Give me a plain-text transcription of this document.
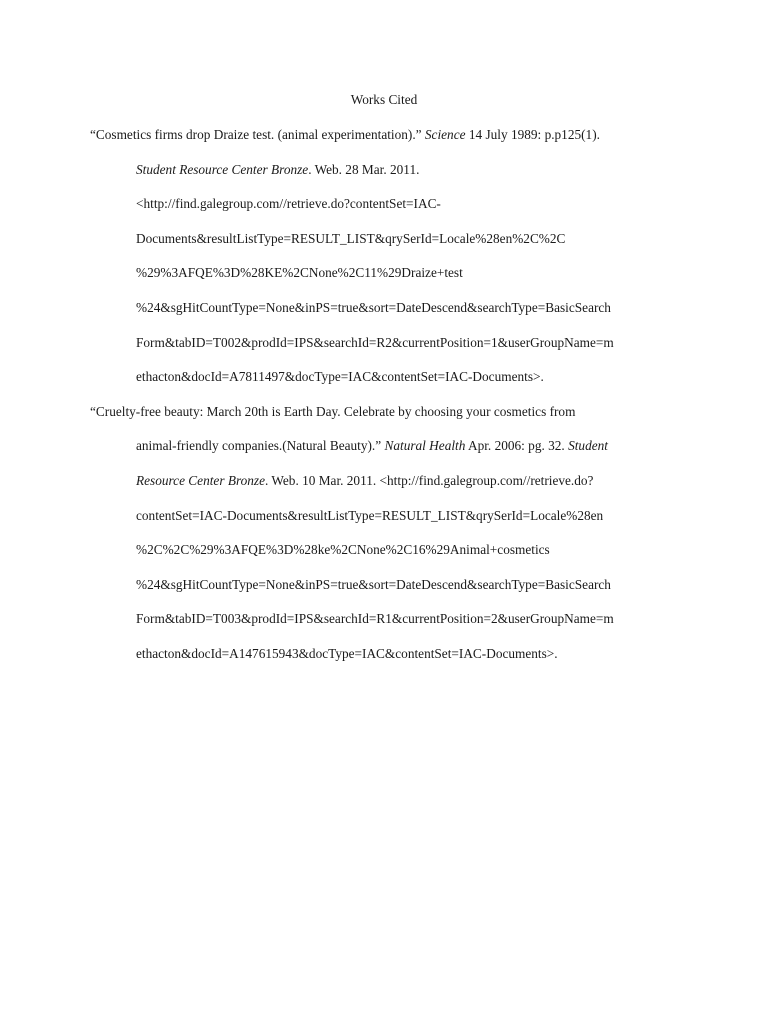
Works Cited
“Cosmetics firms drop Draize test. (animal experimentation).” Science 14 July 1989: p.p125(1).
Student Resource Center Bronze. Web. 28 Mar. 2011.
<http://find.galegroup.com//retrieve.do?contentSet=IAC-
Documents&resultListType=RESULT_LIST&qrySerId=Locale%28en%2C%2C
%29%3AFQE%3D%28KE%2CNone%2C11%29Draize+test
%24&sgHitCountType=None&inPS=true&sort=DateDescend&searchType=BasicSearch
Form&tabID=T002&prodId=IPS&searchId=R2&currentPosition=1&userGroupName=m
ethacton&docId=A7811497&docType=IAC&contentSet=IAC-Documents>.
“Cruelty-free beauty: March 20th is Earth Day. Celebrate by choosing your cosmetics from
animal-friendly companies.(Natural Beauty).” Natural Health Apr. 2006: pg. 32. Student
Resource Center Bronze. Web. 10 Mar. 2011. <http://find.galegroup.com//retrieve.do?
contentSet=IAC-Documents&resultListType=RESULT_LIST&qrySerId=Locale%28en
%2C%2C%29%3AFQE%3D%28ke%2CNone%2C16%29Animal+cosmetics
%24&sgHitCountType=None&inPS=true&sort=DateDescend&searchType=BasicSearch
Form&tabID=T003&prodId=IPS&searchId=R1&currentPosition=2&userGroupName=m
ethacton&docId=A147615943&docType=IAC&contentSet=IAC-Documents>.
